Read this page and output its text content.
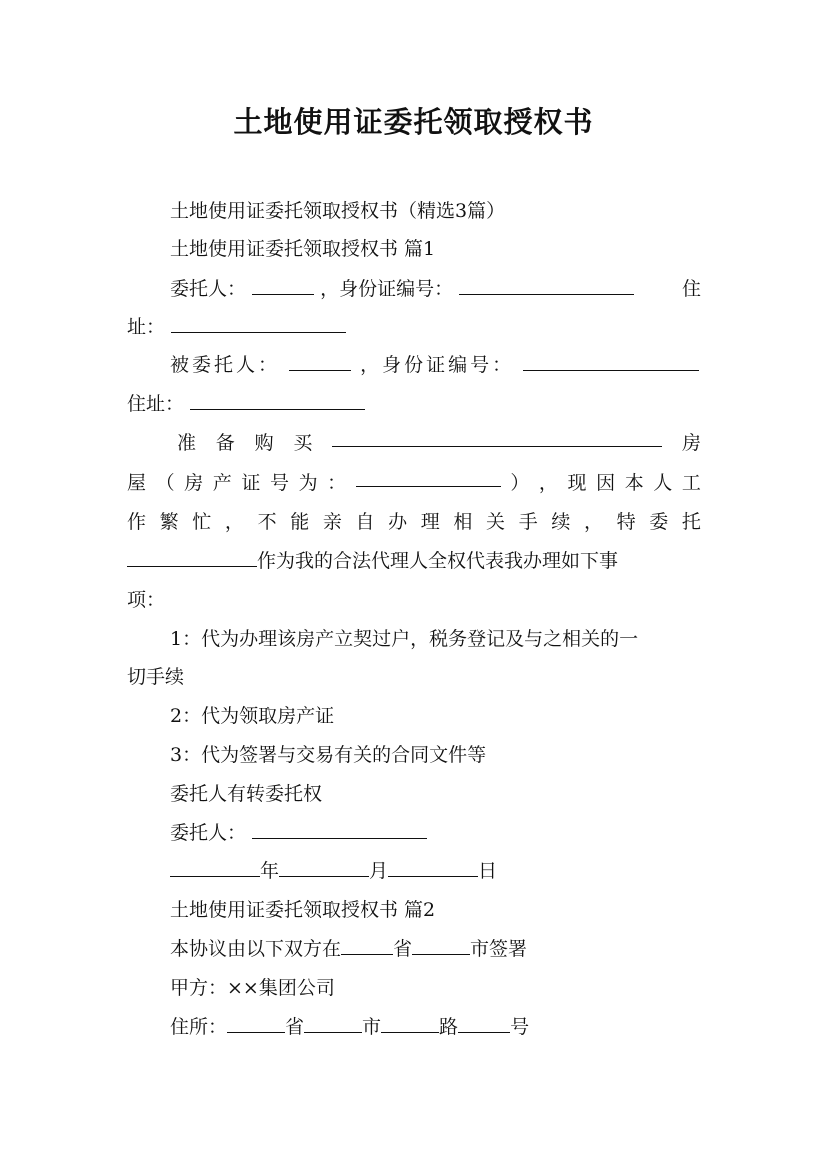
土地使用证委托领取授权书
土地使用证委托领取授权书（精选3篇）
土地使用证委托领取授权书 篇1
委托人：	，身份证编号：	住
址：
被委托人：	，身份证编号：
住址：
准 备 购 买	房
屋 （ 房 产 证 号 为 ：	） ， 现 因 本 人 工
作 繁 忙 ， 不 能 亲 自 办 理 相 关 手 续 ， 特 委 托
作为我的合法代理人全权代表我办理如下事
项：
1：代为办理该房产立契过户，税务登记及与之相关的一
切手续
2：代为领取房产证
3：代为签署与交易有关的合同文件等
委托人有转委托权
委托人：
年	月	日
土地使用证委托领取授权书 篇2
本协议由以下双方在	省	市签署
甲方：××集团公司
住所：	省	市	路	号
